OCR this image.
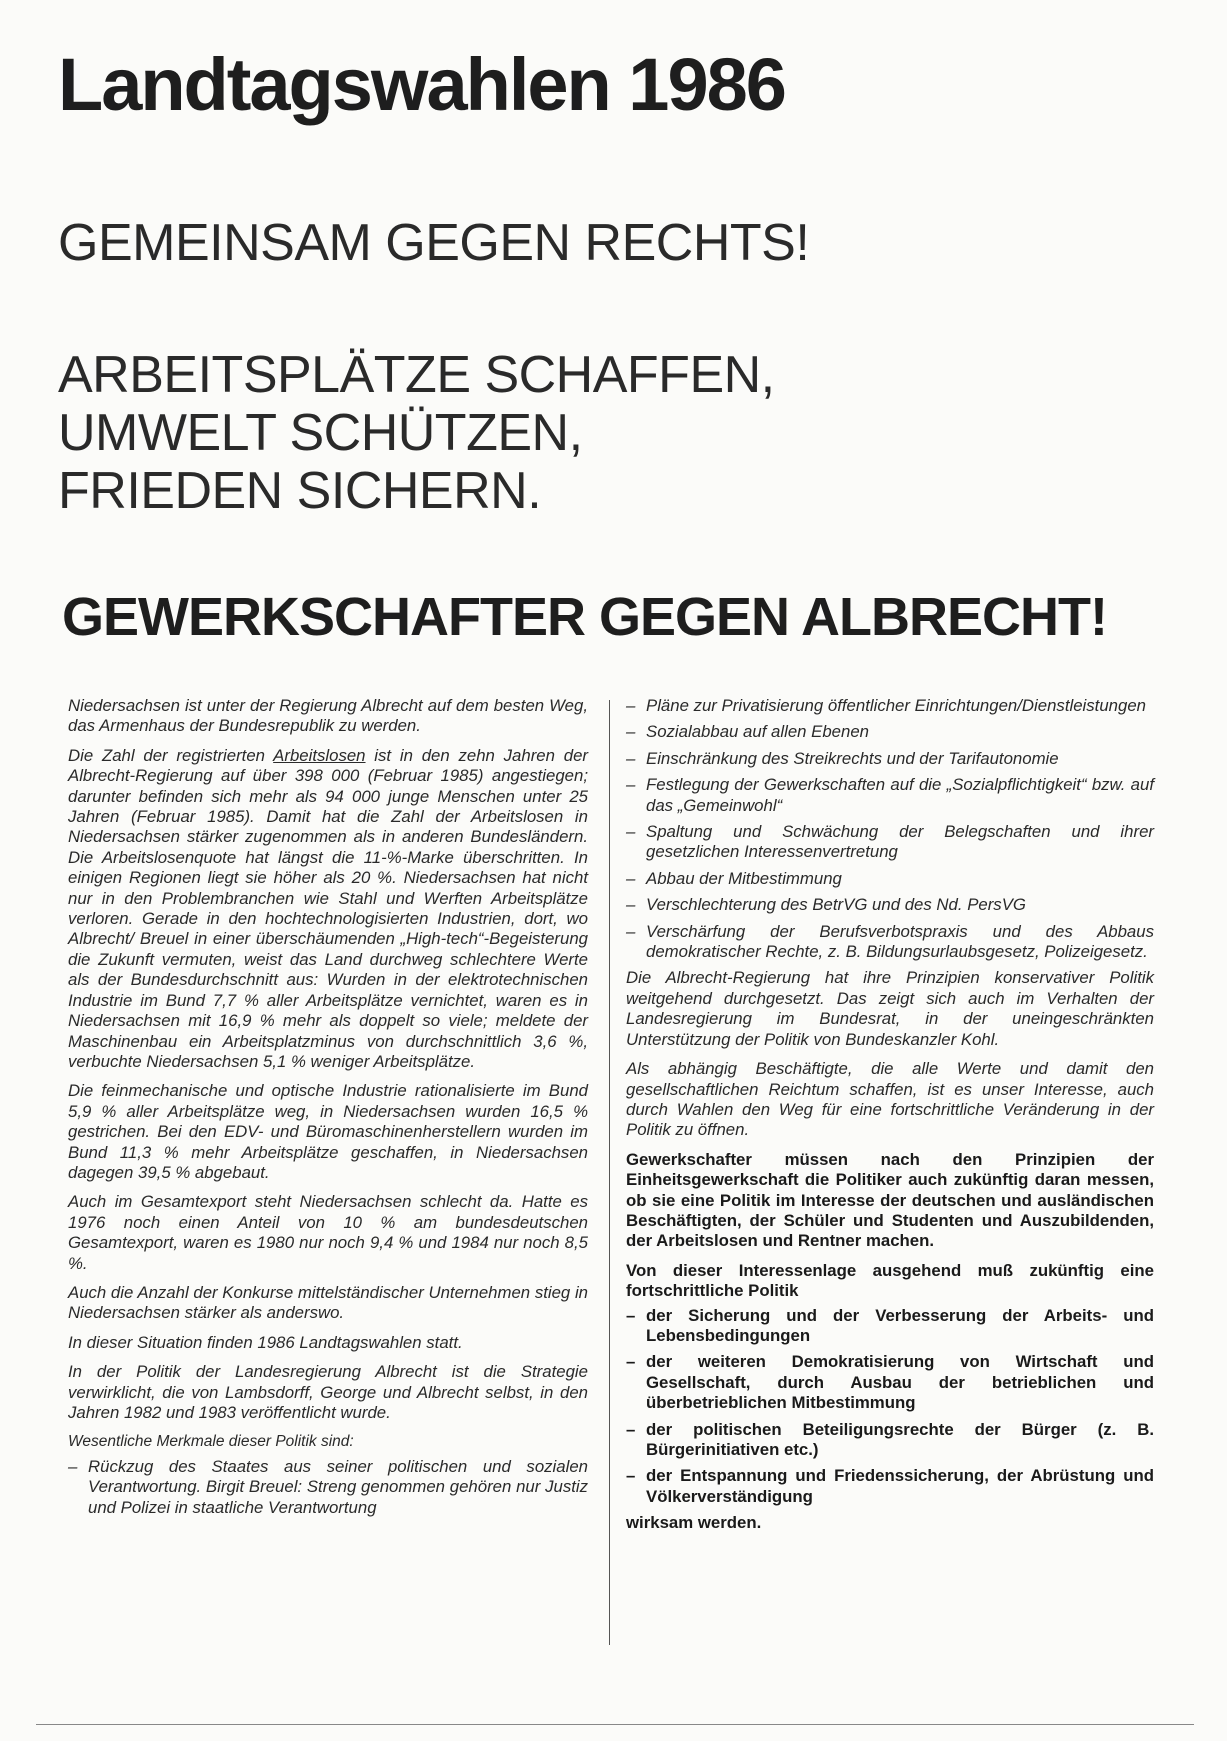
Landtagswahlen 1986
GEMEINSAM GEGEN RECHTS!
ARBEITSPLÄTZE SCHAFFEN,
UMWELT SCHÜTZEN,
FRIEDEN SICHERN.
GEWERKSCHAFTER GEGEN ALBRECHT!

Niedersachsen ist unter der Regierung Albrecht auf dem besten Weg, das Armenhaus der Bundesrepublik zu werden.

Die Zahl der registrierten Arbeitslosen ist in den zehn Jahren der Albrecht-Regierung auf über 398 000 (Februar 1985) angestiegen; darunter befinden sich mehr als 94 000 junge Menschen unter 25 Jahren (Februar 1985). Damit hat die Zahl der Arbeitslosen in Niedersachsen stärker zugenommen als in anderen Bundesländern. Die Arbeitslosenquote hat längst die 11-%-Marke überschritten. In einigen Regionen liegt sie höher als 20 %. Niedersachsen hat nicht nur in den Problembranchen wie Stahl und Werften Arbeitsplätze verloren. Gerade in den hochtechnologisierten Industrien, dort, wo Albrecht/ Breuel in einer überschäumenden „High-tech“-Begeisterung die Zukunft vermuten, weist das Land durchweg schlechtere Werte als der Bundesdurchschnitt aus: Wurden in der elektrotechnischen Industrie im Bund 7,7 % aller Arbeitsplätze vernichtet, waren es in Niedersachsen mit 16,9 % mehr als doppelt so viele; meldete der Maschinenbau ein Arbeitsplatzminus von durchschnittlich 3,6 %, verbuchte Niedersachsen 5,1 % weniger Arbeitsplätze.

Die feinmechanische und optische Industrie rationalisierte im Bund 5,9 % aller Arbeitsplätze weg, in Niedersachsen wurden 16,5 % gestrichen. Bei den EDV- und Büromaschinenherstellern wurden im Bund 11,3 % mehr Arbeitsplätze geschaffen, in Niedersachsen dagegen 39,5 % abgebaut.

Auch im Gesamtexport steht Niedersachsen schlecht da. Hatte es 1976 noch einen Anteil von 10 % am bundesdeutschen Gesamtexport, waren es 1980 nur noch 9,4 % und 1984 nur noch 8,5 %.

Auch die Anzahl der Konkurse mittelständischer Unternehmen stieg in Niedersachsen stärker als anderswo.

In dieser Situation finden 1986 Landtagswahlen statt.

In der Politik der Landesregierung Albrecht ist die Strategie verwirklicht, die von Lambsdorff, George und Albrecht selbst, in den Jahren 1982 und 1983 veröffentlicht wurde.

Wesentliche Merkmale dieser Politik sind:

– Rückzug des Staates aus seiner politischen und sozialen Verantwortung. Birgit Breuel: Streng genommen gehören nur Justiz und Polizei in staatliche Verantwortung
– Pläne zur Privatisierung öffentlicher Einrichtungen/Dienstleistungen
– Sozialabbau auf allen Ebenen
– Einschränkung des Streikrechts und der Tarifautonomie
– Festlegung der Gewerkschaften auf die „Sozialpflichtigkeit“ bzw. auf das „Gemeinwohl“
– Spaltung und Schwächung der Belegschaften und ihrer gesetzlichen Interessenvertretung
– Abbau der Mitbestimmung
– Verschlechterung des BetrVG und des Nd. PersVG
– Verschärfung der Berufsverbotspraxis und des Abbaus demokratischer Rechte, z. B. Bildungsurlaubsgesetz, Polizeigesetz.

Die Albrecht-Regierung hat ihre Prinzipien konservativer Politik weitgehend durchgesetzt. Das zeigt sich auch im Verhalten der Landesregierung im Bundesrat, in der uneingeschränkten Unterstützung der Politik von Bundeskanzler Kohl.

Als abhängig Beschäftigte, die alle Werte und damit den gesellschaftlichen Reichtum schaffen, ist es unser Interesse, auch durch Wahlen den Weg für eine fortschrittliche Veränderung in der Politik zu öffnen.

Gewerkschafter müssen nach den Prinzipien der Einheitsgewerkschaft die Politiker auch zukünftig daran messen, ob sie eine Politik im Interesse der deutschen und ausländischen Beschäftigten, der Schüler und Studenten und Auszubildenden, der Arbeitslosen und Rentner machen.

Von dieser Interessenlage ausgehend muß zukünftig eine fortschrittliche Politik

– der Sicherung und der Verbesserung der Arbeits- und Lebensbedingungen
– der weiteren Demokratisierung von Wirtschaft und Gesellschaft, durch Ausbau der betrieblichen und überbetrieblichen Mitbestimmung
– der politischen Beteiligungsrechte der Bürger (z. B. Bürgerinitiativen etc.)
– der Entspannung und Friedenssicherung, der Abrüstung und Völkerverständigung

wirksam werden.
